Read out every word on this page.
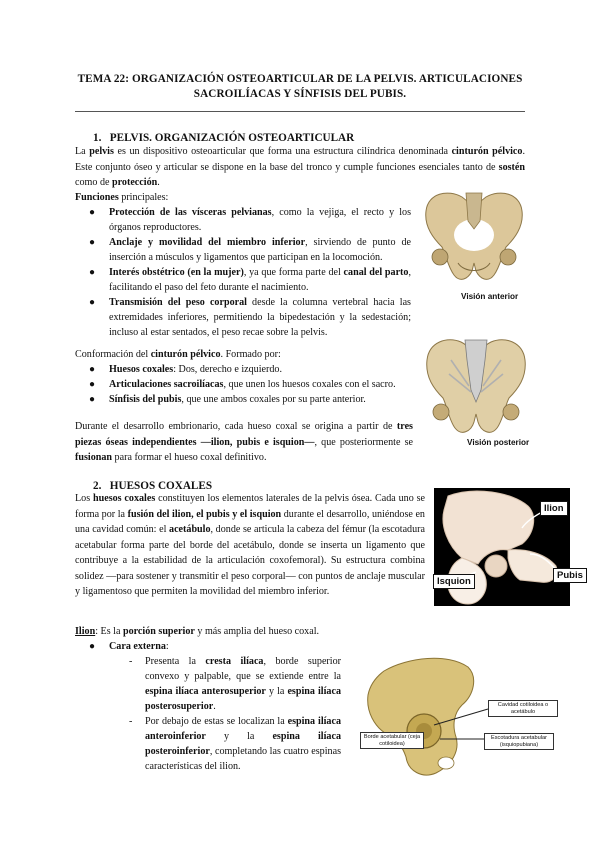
TEMA 22: ORGANIZACIÓN OSTEOARTICULAR DE LA PELVIS. ARTICULACIONES
SACROILÍACAS Y SÍNFISIS DEL PUBIS.
1. PELVIS. ORGANIZACIÓN OSTEOARTICULAR
La pelvis es un dispositivo osteoarticular que forma una estructura cilíndrica denominada cinturón pélvico. Este conjunto óseo y articular se dispone en la base del tronco y cumple funciones esenciales tanto de sostén como de protección.
Funciones principales:
● Protección de las vísceras pelvianas, como la vejiga, el recto y los órganos reproductores.
● Anclaje y movilidad del miembro inferior, sirviendo de punto de inserción a músculos y ligamentos que participan en la locomoción.
● Interés obstétrico (en la mujer), ya que forma parte del canal del parto, facilitando el paso del feto durante el nacimiento.
● Transmisión del peso corporal desde la columna vertebral hacia las extremidades inferiores, permitiendo la bipedestación y la sedestación; incluso al estar sentados, el peso recae sobre la pelvis.
Conformación del cinturón pélvico. Formado por:
● Huesos coxales: Dos, derecho e izquierdo.
● Articulaciones sacroilíacas, que unen los huesos coxales con el sacro.
● Sínfisis del pubis, que une ambos coxales por su parte anterior.
Durante el desarrollo embrionario, cada hueso coxal se origina a partir de tres piezas óseas independientes —ilion, pubis e isquion—, que posteriormente se fusionan para formar el hueso coxal definitivo.
Visión anterior
Visión posterior
2. HUESOS COXALES
Los huesos coxales constituyen los elementos laterales de la pelvis ósea. Cada uno se forma por la fusión del ilion, el pubis y el isquion durante el desarrollo, uniéndose en una cavidad común: el acetábulo, donde se articula la cabeza del fémur (la escotadura acetabular forma parte del borde del acetábulo, donde se inserta un ligamento que contribuye a la estabilidad de la articulación coxofemoral). Su estructura combina solidez —para sostener y transmitir el peso corporal— con puntos de anclaje muscular y ligamentoso que permiten la movilidad del miembro inferior.
Ilion
Pubis
Isquion
Ilion: Es la porción superior y más amplia del hueso coxal.
● Cara externa:
- Presenta la cresta ilíaca, borde superior convexo y palpable, que se extiende entre la espina ilíaca anterosuperior y la espina ilíaca posterosuperior.
- Por debajo de estas se localizan la espina ilíaca anteroinferior y la espina ilíaca posteroinferior, completando las cuatro espinas características del ilion.
Cavidad cotiloidea o acetábulo
Borde acetabular (ceja cotiloidea)
Escotadura acetabular (isquiopubiana)
